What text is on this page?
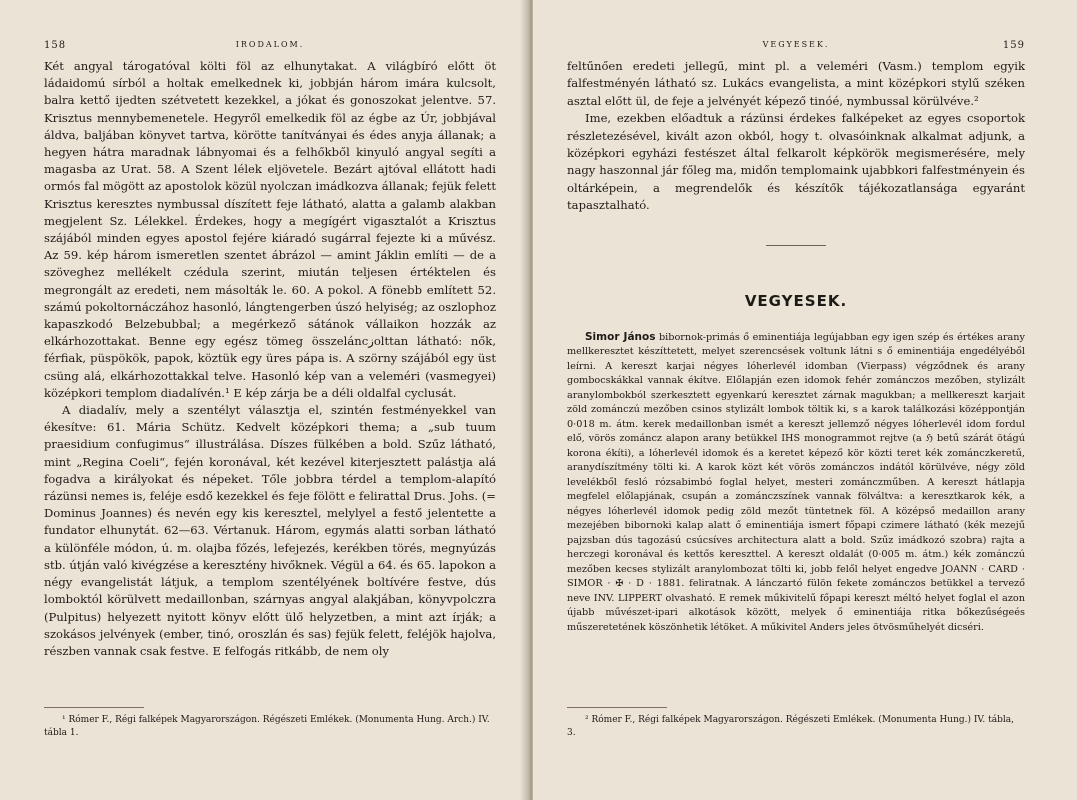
158	IRODALOM.

Két angyal tárogatóval költi föl az elhunytakat. A világbíró előtt öt ládaidomú sírból a holtak emelkednek ki, jobbján három imára kulcsolt, balra kettő ijedten szétvetett kezekkel, a jókat és gonoszokat jelentve. 57. Krisztus mennybemenetele. Hegyről emelkedik föl az égbe az Úr, jobbjával áldva, baljában könyvet tartva, körötte tanítványai és édes anyja állanak; a hegyen hátra maradnak lábnyomai és a felhőkből kinyuló angyal segíti a magasba az Urat. 58. A Szent lélek eljövetele. Bezárt ajtóval ellátott hadi ormós fal mögött az apostolok közül nyolczan imádkozva állanak; fejük felett Krisztus keresztes nymbussal díszített feje látható, alatta a galamb alakban megjelent Sz. Lélekkel. Érdekes, hogy a megígért vigasztalót a Krisztus szájából minden egyes apostol fejére kiáradó sugárral fejezte ki a művész. Az 59. kép három ismeretlen szentet ábrázol — amint Jáklin említi — de a szöveghez mellékelt czédula szerint, miután teljesen értéktelen és megrongált az eredeti, nem másolták le. 60. A pokol. A fönebb említett 52. számú pokoltornáczához hasonló, lángtengerben úszó helyiség; az oszlophoz kapaszkodó Belzebubbal; a megérkező sátánok vállaikon hozzák az elkárhozottakat. Benne egy egész tömeg összeláncزolttan látható: nők, férfiak, püspökök, papok, köztük egy üres pápa is. A szörny szájából egy üst csüng alá, elkárhozottakkal telve. Hasonló kép van a veleméri (vasmegyei) középkori templom diadalívén.¹ E kép zárja be a déli oldalfal cyclusát.

A diadalív, mely a szentélyt választja el, szintén festményekkel van ékesítve: 61. Mária Schütz. Kedvelt középkori thema; a „sub tuum praesidium confugimus“ illustrálása. Díszes fülkében a bold. Szűz látható, mint „Regina Coeli“, fején koronával, két kezével kiterjesztett palástja alá fogadva a királyokat és népeket. Tőle jobbra térdel a templom-alapító rázünsi nemes is, feléje esdő kezekkel és feje fölött e felirattal Drus. Johs. (= Dominus Joannes) és nevén egy kis keresztel, melylyel a festő jelentette a fundator elhunytát. 62—63. Vértanuk. Három, egymás alatti sorban látható a különféle módon, ú. m. olajba főzés, lefejezés, kerékben törés, megnyúzás stb. útján való kivégzése a keresztény hivőknek. Végül a 64. és 65. lapokon a négy evangelistát látjuk, a templom szentélyének boltívére festve, dús lomboktól körülvett medaillonban, szárnyas angyal alakjában, könyvpolczra (Pulpitus) helyezett nyitott könyv előtt ülő helyzetben, a mint azt írják; a szokásos jelvények (ember, tinó, oroszlán és sas) fejük felett, feléjök hajolva, részben vannak csak festve. E felfogás ritkább, de nem oly

¹ Rómer F., Régi falképek Magyarországon. Régészeti Emlékek. (Monumenta Hung. Arch.) IV. tábla 1.

VEGYESEK.	159

feltűnően eredeti jellegű, mint pl. a veleméri (Vasm.) templom egyik falfestményén látható sz. Lukács evangelista, a mint középkori stylű széken asztal előtt ül, de feje a jelvényét képező tinóé, nymbussal körülvéve.²

Ime, ezekben előadtuk a rázünsi érdekes falképeket az egyes csoportok részletezésével, kivált azon okból, hogy t. olvasóinknak alkalmat adjunk, a középkori egyházi festészet által felkarolt képkörök megismerésére, mely nagy haszonnal jár főleg ma, midőn templomaink ujabbkori falfestményein és oltárképein, a megrendelők és készítők tájékozatlansága egyaránt tapasztalható.

VEGYESEK.

Simor János bibornok-primás ő eminentiája legújabban egy igen szép és értékes arany mellkeresztet készíttetett, melyet szerencsések voltunk látni s ő eminentiája engedélyéből leírni. A kereszt karjai négyes lóherlevél idomban (Vierpass) végződnek és arany gombocskákkal vannak ékítve. Előlapján ezen idomok fehér zománczos mezőben, stylizált aranylombokból szerkesztett egyenkarú keresztet zárnak magukban; a mellkereszt karjait zöld zománczú mezőben csinos stylizált lombok töltik ki, s a karok találkozási középpontján 0·018 m. átm. kerek medaillonban ismét a kereszt jellemző négyes lóherlevél idom fordul elő, vörös zománcz alapon arany betükkel IHS monogrammot rejtve (a ℌ betű szárát ötágú korona ékíti), a lóherlevél idomok és a keretet képező kör közti teret kék zománczkeretű, aranydíszítmény tölti ki. A karok közt két vörös zománczos indától körülvéve, négy zöld levelékből fesló rózsabimbó foglal helyet, mesteri zománczműben. A kereszt hátlapja megfelel előlapjának, csupán a zománczszínek vannak fölváltva: a keresztkarok kék, a négyes lóherlevél idomok pedig zöld mezőt tüntetnek föl. A középső medaillon arany mezejében bibornoki kalap alatt ő eminentiája ismert főpapi czimere látható (kék mezejű pajzsban dús tagozású csúcsíves architectura alatt a bold. Szűz imádkozó szobra) rajta a herczegi koronával és kettős kereszttel. A kereszt oldalát (0·005 m. átm.) kék zománczú mezőben kecses stylizált aranylombozat tölti ki, jobb felől helyet engedve JOANN · CARD · SIMOR · ✠ · D · 1881. feliratnak. A lánczartó fülön fekete zománczos betükkel a tervező neve INV. LIPPERT olvasható. E remek műkivitelű főpapi kereszt méltó helyet foglal el azon újabb művészet-ipari alkotások között, melyek ő eminentiája ritka bőkezűségeés műszeretetének köszönhetik létöket. A műkivitel Anders jeles ötvösműhelyét dicséri.

² Rómer F., Régi falképek Magyarországon. Régészeti Emlékek. (Monumenta Hung.) IV. tábla, 3.
